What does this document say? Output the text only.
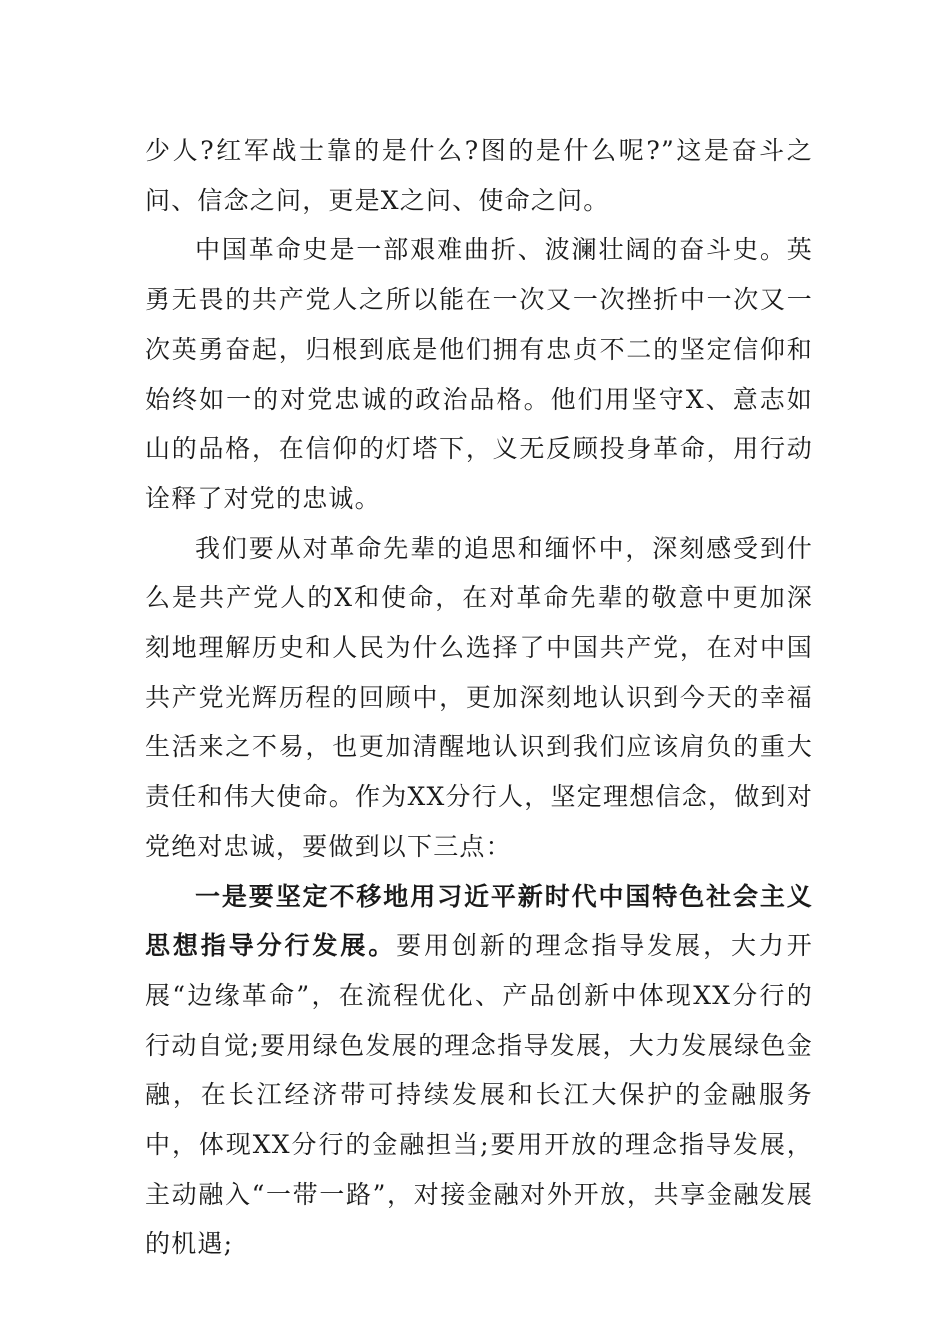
少人?红军战士靠的是什么?图的是什么呢?”这是奋斗之问、信念之问，更是X之问、使命之问。

中国革命史是一部艰难曲折、波澜壮阔的奋斗史。英勇无畏的共产党人之所以能在一次又一次挫折中一次又一次英勇奋起，归根到底是他们拥有忠贞不二的坚定信仰和始终如一的对党忠诚的政治品格。他们用坚守X、意志如山的品格，在信仰的灯塔下，义无反顾投身革命，用行动诠释了对党的忠诚。

我们要从对革命先辈的追思和缅怀中，深刻感受到什么是共产党人的X和使命，在对革命先辈的敬意中更加深刻地理解历史和人民为什么选择了中国共产党，在对中国共产党光辉历程的回顾中，更加深刻地认识到今天的幸福生活来之不易，也更加清醒地认识到我们应该肩负的重大责任和伟大使命。作为XX分行人，坚定理想信念，做到对党绝对忠诚，要做到以下三点：

一是要坚定不移地用习近平新时代中国特色社会主义思想指导分行发展。要用创新的理念指导发展，大力开展“边缘革命”，在流程优化、产品创新中体现XX分行的行动自觉;要用绿色发展的理念指导发展，大力发展绿色金融，在长江经济带可持续发展和长江大保护的金融服务中，体现XX分行的金融担当;要用开放的理念指导发展，主动融入“一带一路”，对接金融对外开放，共享金融发展的机遇;
